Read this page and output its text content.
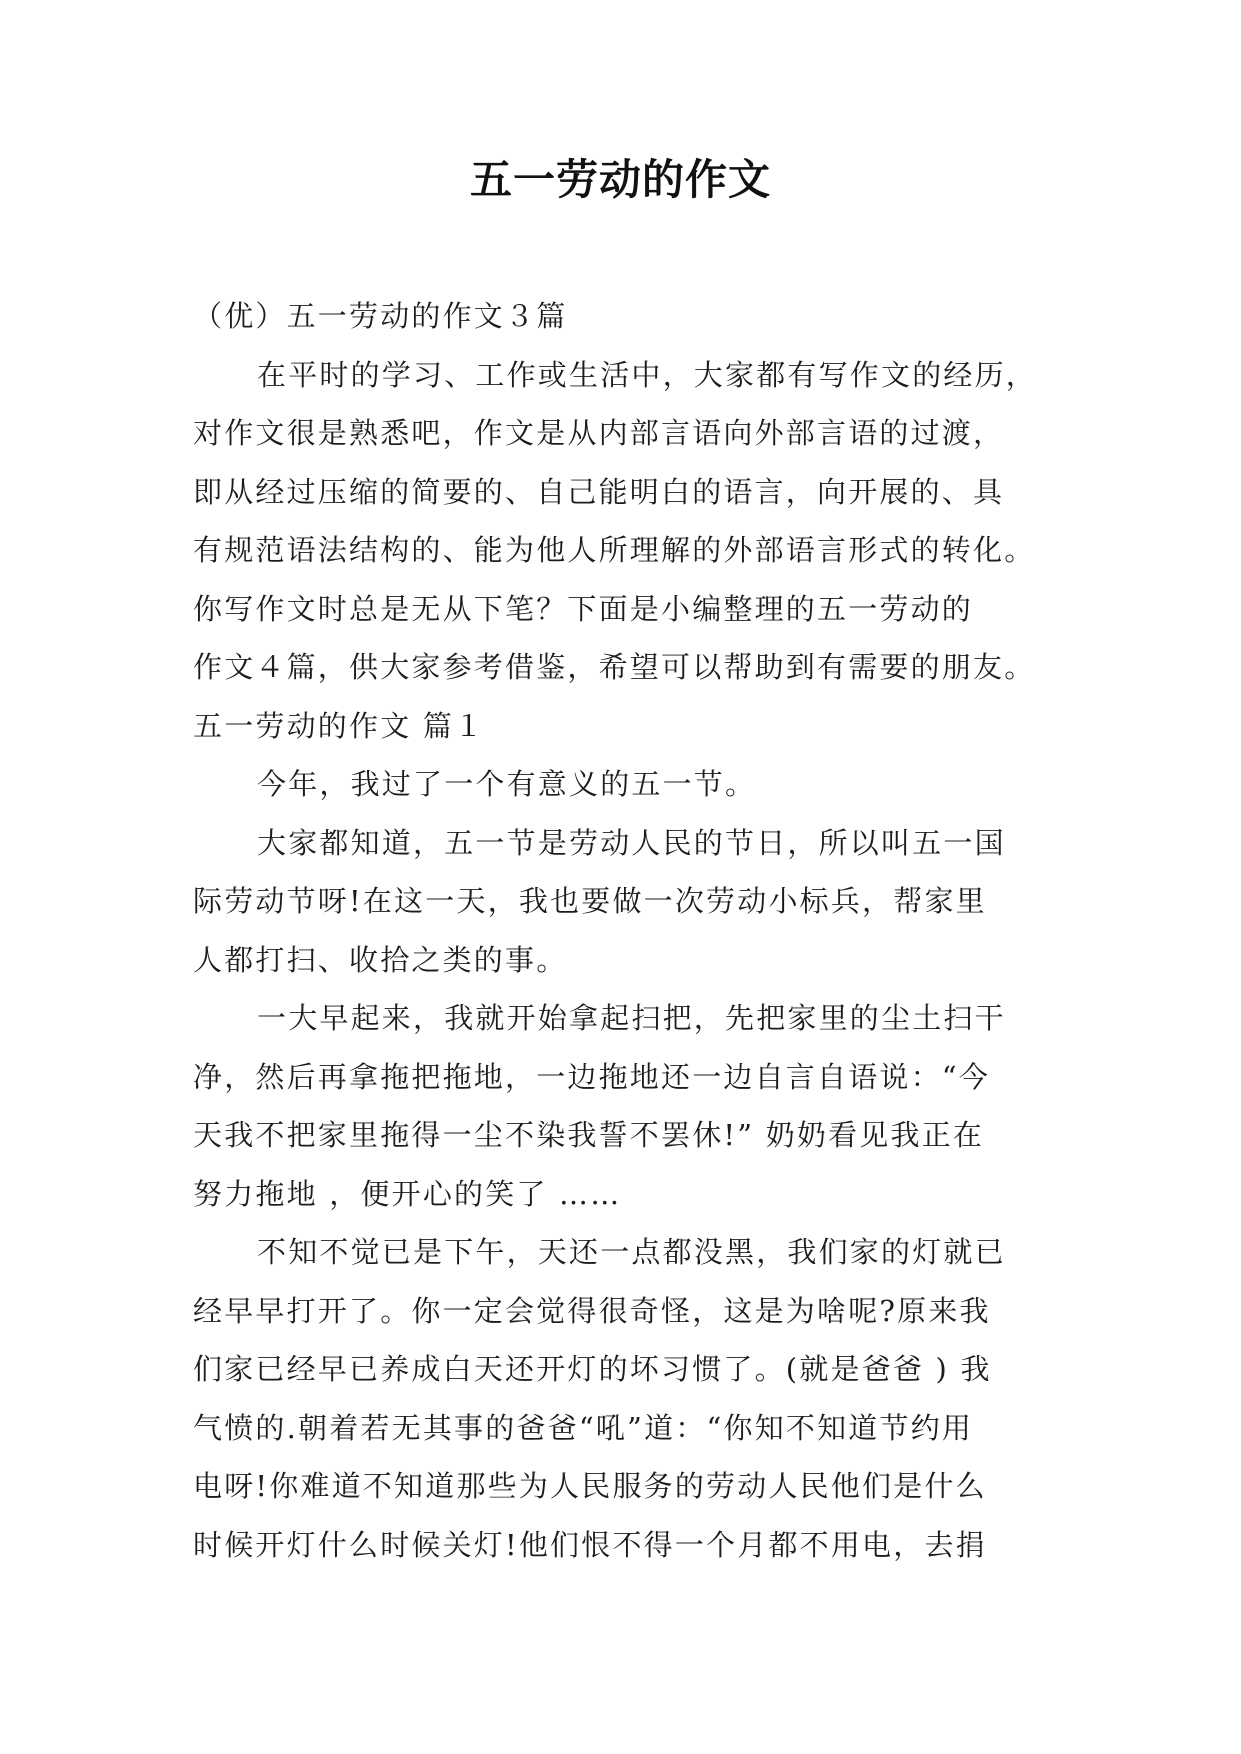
五一劳动的作文
（优）五一劳动的作文３篇
在平时的学习、工作或生活中，大家都有写作文的经历，
对作文很是熟悉吧，作文是从内部言语向外部言语的过渡，
即从经过压缩的简要的、自己能明白的语言，向开展的、具
有规范语法结构的、能为他人所理解的外部语言形式的转化。
你写作文时总是无从下笔？下面是小编整理的五一劳动的
作文４篇，供大家参考借鉴，希望可以帮助到有需要的朋友。
五一劳动的作文 篇１
今年，我过了一个有意义的五一节。
大家都知道，五一节是劳动人民的节日，所以叫五一国
际劳动节呀!在这一天，我也要做一次劳动小标兵，帮家里
人都打扫、收拾之类的事。
一大早起来，我就开始拿起扫把，先把家里的尘土扫干
净，然后再拿拖把拖地，一边拖地还一边自言自语说：“今
天我不把家里拖得一尘不染我誓不罢休!” 奶奶看见我正在
努力拖地 ，便开心的笑了 ……
不知不觉已是下午，天还一点都没黑，我们家的灯就已
经早早打开了。你一定会觉得很奇怪，这是为啥呢?原来我
们家已经早已养成白天还开灯的坏习惯了。(就是爸爸 ) 我
气愤的.朝着若无其事的爸爸“吼”道：“你知不知道节约用
电呀!你难道不知道那些为人民服务的劳动人民他们是什么
时候开灯什么时候关灯!他们恨不得一个月都不用电，去捐
